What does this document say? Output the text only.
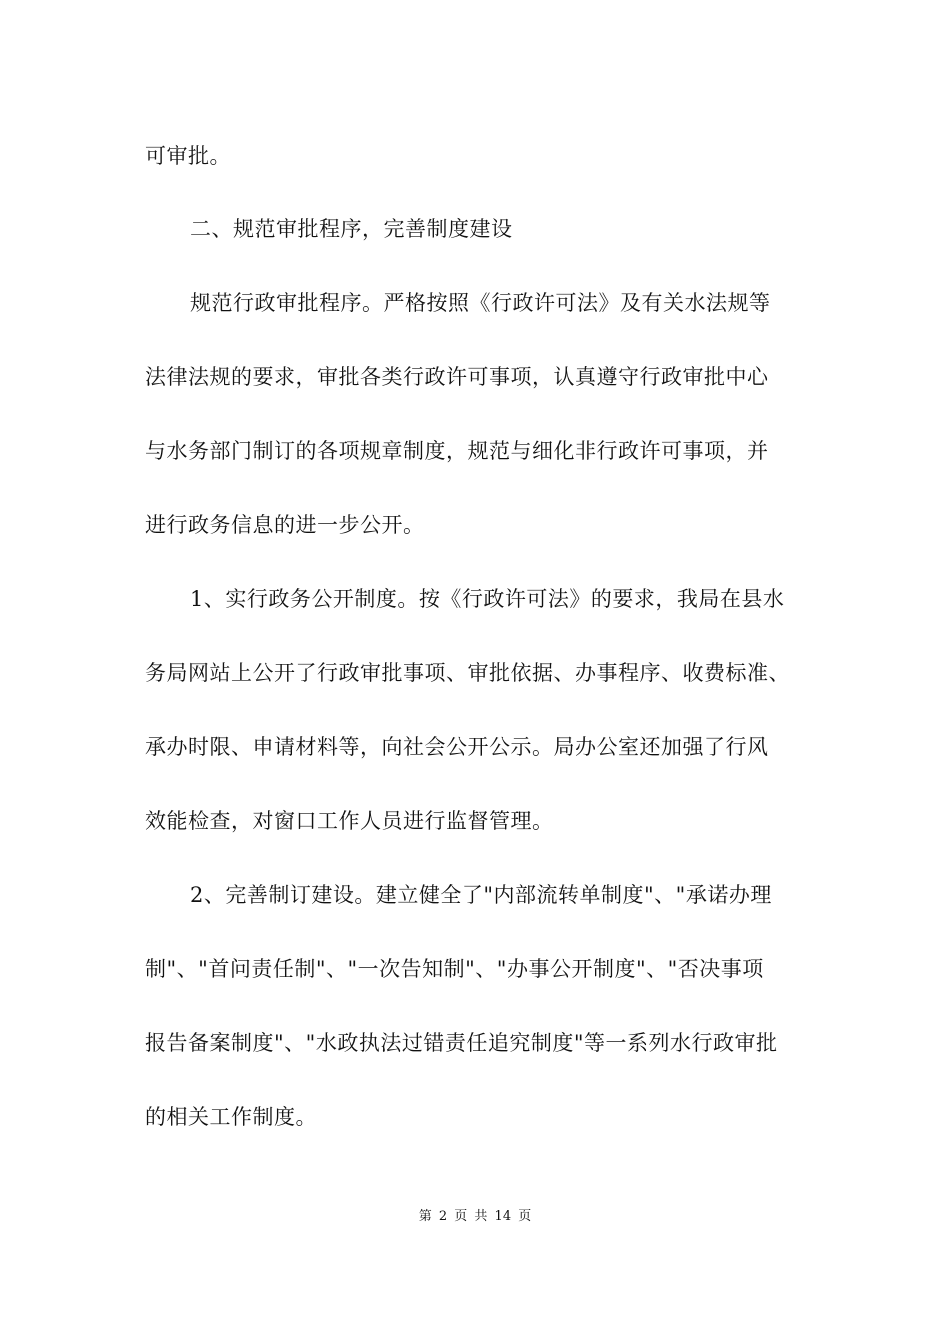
可审批。
二、规范审批程序，完善制度建设
规范行政审批程序。严格按照《行政许可法》及有关水法规等
法律法规的要求，审批各类行政许可事项，认真遵守行政审批中心
与水务部门制订的各项规章制度，规范与细化非行政许可事项，并
进行政务信息的进一步公开。
1、实行政务公开制度。按《行政许可法》的要求，我局在县水
务局网站上公开了行政审批事项、审批依据、办事程序、收费标准、
承办时限、申请材料等，向社会公开公示。局办公室还加强了行风
效能检查，对窗口工作人员进行监督管理。
2、完善制订建设。建立健全了"内部流转单制度"、"承诺办理
制"、"首问责任制"、"一次告知制"、"办事公开制度"、"否决事项
报告备案制度"、"水政执法过错责任追究制度"等一系列水行政审批
的相关工作制度。
第 2 页 共 14 页
